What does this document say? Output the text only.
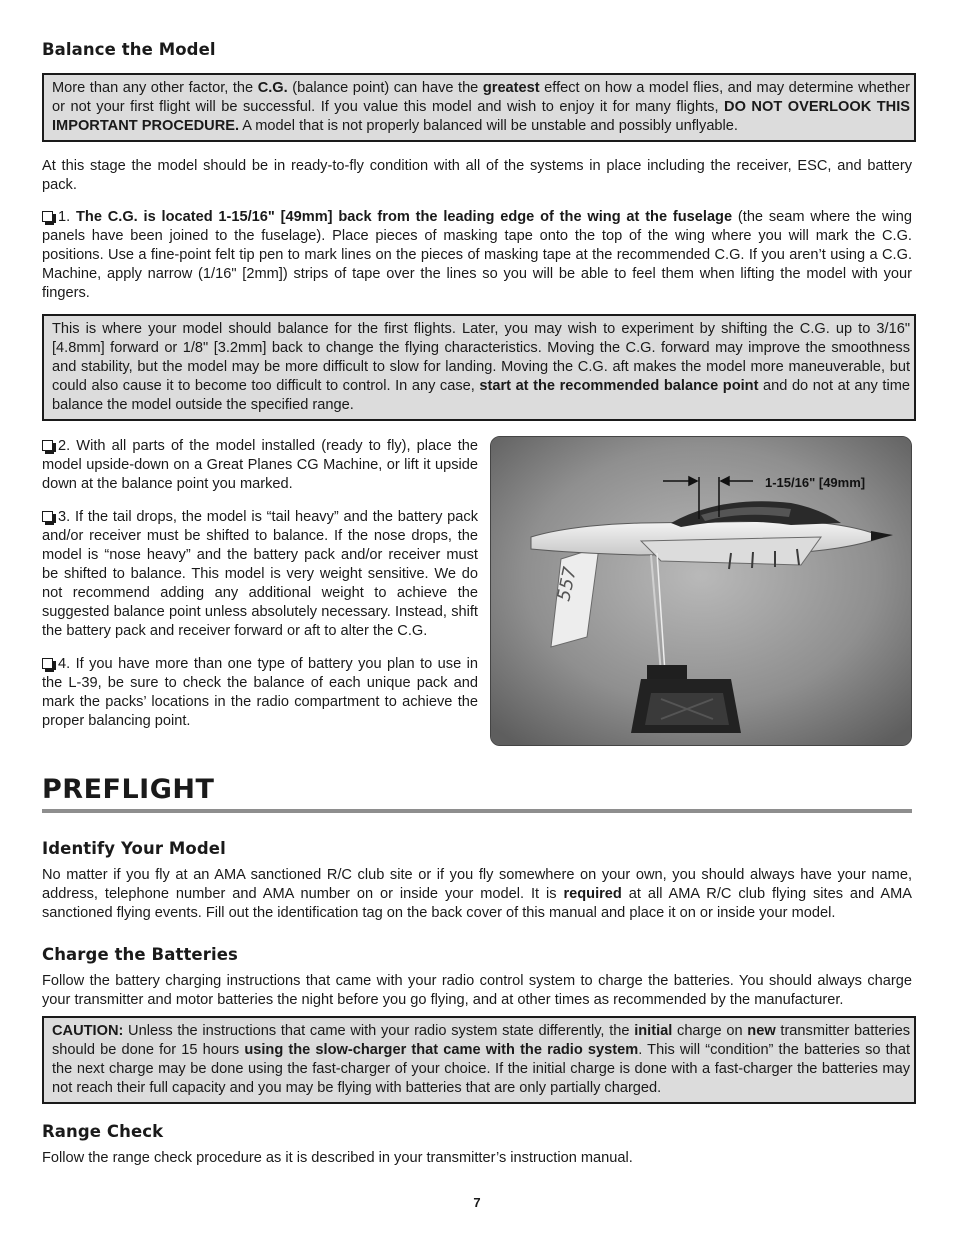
Balance the Model
More than any other factor, the C.G. (balance point) can have the greatest effect on how a model flies, and may determine whether or not your first flight will be successful. If you value this model and wish to enjoy it for many flights, DO NOT OVERLOOK THIS IMPORTANT PROCEDURE. A model that is not properly balanced will be unstable and possibly unflyable.

At this stage the model should be in ready-to-fly condition with all of the systems in place including the receiver, ESC, and battery pack.

1. The C.G. is located 1-15/16" [49mm] back from the leading edge of the wing at the fuselage (the seam where the wing panels have been joined to the fuselage). Place pieces of masking tape onto the top of the wing where you will mark the C.G. positions. Use a fine-point felt tip pen to mark lines on the pieces of masking tape at the recommended C.G. If you aren’t using a C.G. Machine, apply narrow (1/16" [2mm]) strips of tape over the lines so you will be able to feel them when lifting the model with your fingers.

This is where your model should balance for the first flights. Later, you may wish to experiment by shifting the C.G. up to 3/16" [4.8mm] forward or 1/8" [3.2mm] back to change the flying characteristics. Moving the C.G. forward may improve the smoothness and stability, but the model may be more difficult to slow for landing. Moving the C.G. aft makes the model more maneuverable, but could also cause it to become too difficult to control. In any case, start at the recommended balance point and do not at any time balance the model outside the specified range.

2. With all parts of the model installed (ready to fly), place the model upside-down on a Great Planes CG Machine, or lift it upside down at the balance point you marked.

3. If the tail drops, the model is “tail heavy” and the battery pack and/or receiver must be shifted to balance. If the nose drops, the model is “nose heavy” and the battery pack and/or receiver must be shifted to balance. This model is very weight sensitive. We do not recommend adding any additional weight to achieve the suggested balance point unless absolutely necessary. Instead, shift the battery pack and receiver forward or aft to alter the C.G.

4. If you have more than one type of battery you plan to use in the L-39, be sure to check the balance of each unique pack and mark the packs’ locations in the radio compartment to achieve the proper balancing point.

557
1-15/16" [49mm]
PREFLIGHT
Identify Your Model

No matter if you fly at an AMA sanctioned R/C club site or if you fly somewhere on your own, you should always have your name, address, telephone number and AMA number on or inside your model. It is required at all AMA R/C club flying sites and AMA sanctioned flying events. Fill out the identification tag on the back cover of this manual and place it on or inside your model.

Charge the Batteries

Follow the battery charging instructions that came with your radio control system to charge the batteries. You should always charge your transmitter and motor batteries the night before you go flying, and at other times as recommended by the manufacturer.

CAUTION: Unless the instructions that came with your radio system state differently, the initial charge on new transmitter batteries should be done for 15 hours using the slow-charger that came with the radio system. This will “condition” the batteries so that the next charge may be done using the fast-charger of your choice. If the initial charge is done with a fast-charger the batteries may not reach their full capacity and you may be flying with batteries that are only partially charged.
Range Check

Follow the range check procedure as it is described in your transmitter’s instruction manual.

7
